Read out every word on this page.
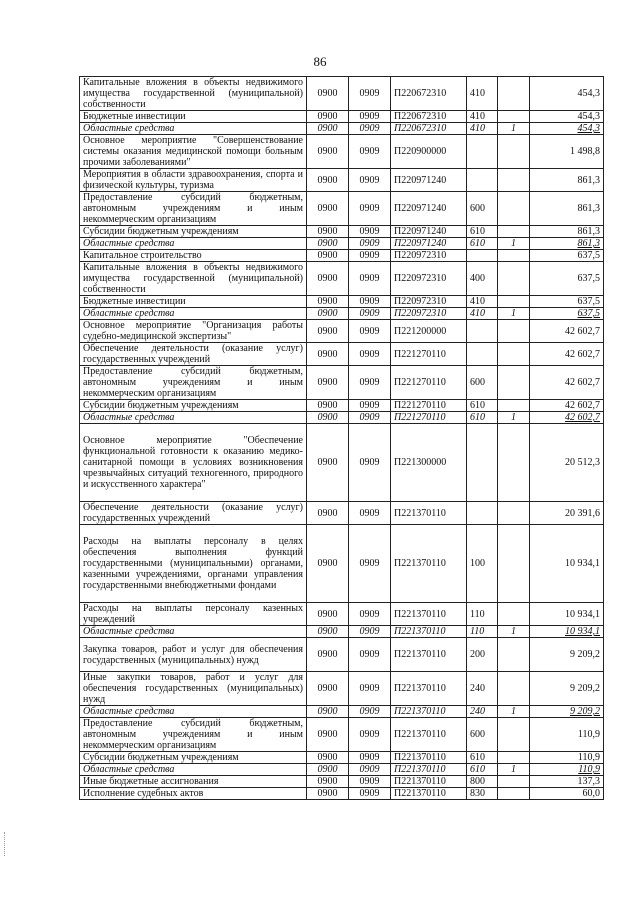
86
Капитальные вложения в объекты недвижимого имущества государственной (муниципальной) собственности	0900	0909	П220672310	410		454,3
Бюджетные инвестиции	0900	0909	П220672310	410		454,3
Областные средства	0900	0909	П220672310	410	1	454,3
Основное мероприятие "Совершенствование системы оказания медицинской помощи больным прочими заболеваниями"	0900	0909	П220900000			1 498,8
Мероприятия в области здравоохранения, спорта и физической культуры, туризма	0900	0909	П220971240			861,3
Предоставление субсидий бюджетным, автономным учреждениям и иным некоммерческим организациям	0900	0909	П220971240	600		861,3
Субсидии бюджетным учреждениям	0900	0909	П220971240	610		861,3
Областные средства	0900	0909	П220971240	610	1	861,3
Капитальное строительство	0900	0909	П220972310			637,5
Капитальные вложения в объекты недвижимого имущества государственной (муниципальной) собственности	0900	0909	П220972310	400		637,5
Бюджетные инвестиции	0900	0909	П220972310	410		637,5
Областные средства	0900	0909	П220972310	410	1	637,5
Основное мероприятие "Организация работы судебно-медицинской экспертизы"	0900	0909	П221200000			42 602,7
Обеспечение деятельности (оказание услуг) государственных учреждений	0900	0909	П221270110			42 602,7
Предоставление субсидий бюджетным, автономным учреждениям и иным некоммерческим организациям	0900	0909	П221270110	600		42 602,7
Субсидии бюджетным учреждениям	0900	0909	П221270110	610		42 602,7
Областные средства	0900	0909	П221270110	610	1	42 602,7
Основное мероприятие "Обеспечение функциональной готовности к оказанию медико-санитарной помощи в условиях возникновения чрезвычайных ситуаций техногенного, природного и искусственного характера"	0900	0909	П221300000			20 512,3
Обеспечение деятельности (оказание услуг) государственных учреждений	0900	0909	П221370110			20 391,6
Расходы на выплаты персоналу в целях обеспечения выполнения функций государственными (муниципальными) органами, казенными учреждениями, органами управления государственными внебюджетными фондами	0900	0909	П221370110	100		10 934,1
Расходы на выплаты персоналу казенных учреждений	0900	0909	П221370110	110		10 934,1
Областные средства	0900	0909	П221370110	110	1	10 934,1
Закупка товаров, работ и услуг для обеспечения государственных (муниципальных) нужд	0900	0909	П221370110	200		9 209,2
Иные закупки товаров, работ и услуг для обеспечения государственных (муниципальных) нужд	0900	0909	П221370110	240		9 209,2
Областные средства	0900	0909	П221370110	240	1	9 209,2
Предоставление субсидий бюджетным, автономным учреждениям и иным некоммерческим организациям	0900	0909	П221370110	600		110,9
Субсидии бюджетным учреждениям	0900	0909	П221370110	610		110,9
Областные средства	0900	0909	П221370110	610	1	110,9
Иные бюджетные ассигнования	0900	0909	П221370110	800		137,3
Исполнение судебных актов	0900	0909	П221370110	830		60,0
